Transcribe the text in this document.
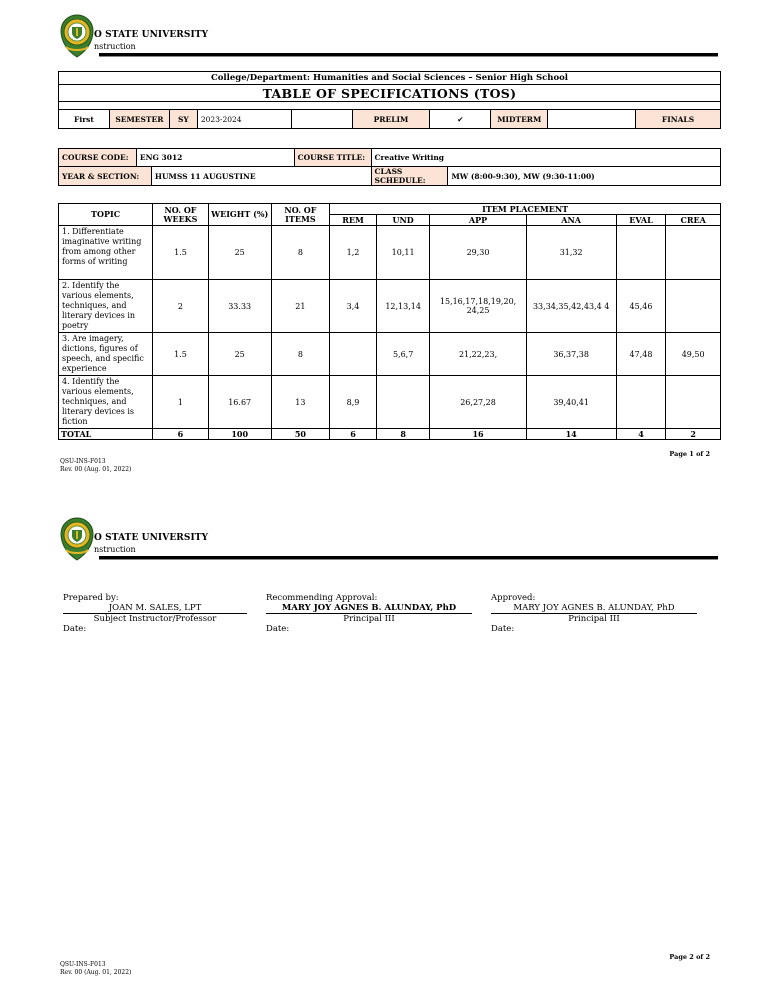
O STATE UNIVERSITY
nstruction
College/Department: Humanities and Social Sciences – Senior High School
TABLE OF SPECIFICATIONS (TOS)

First	SEMESTER	SY	2023-2024		PRELIM	✔	MIDTERM		FINALS
COURSE CODE:	ENG 3012		COURSE TITLE:	Creative Writing	
YEAR & SECTION:		HUMSS 11 AUGUSTINE		CLASS SCHEDULE:	MW (8:00-9:30), MW (9:30-11:00)
TOPIC	NO. OF WEEKS	WEIGHT (%)	NO. OF ITEMS	ITEM PLACEMENT					
				REM	UND	APP	ANA	EVAL	CREA
1. Differentiate imaginative writing from among other forms of writing	1.5	25	8	1,2	10,11	29,30	31,32		
2. Identify the various elements, techniques, and literary devices in poetry	2	33.33	21	3,4	12,13,14	15,16,17,18,19,20, 24,25	33,34,35,42,43,4 4	45,46	
3. Are imagery, dictions, figures of speech, and specific experience	1.5	25	8		5,6,7	21,22,23,	36,37,38	47,48	49,50
4. Identify the various elements, techniques, and literary devices is fiction	1	16.67	13	8,9		26,27,28	39,40,41		
TOTAL	6	100	50	6	8	16	14	4	2
Page 1 of 2
QSU-INS-F013
Rev. 00 (Aug. 01, 2022)
O STATE UNIVERSITY
nstruction
Prepared by:
JOAN M. SALES, LPT
Subject Instructor/Professor
Date:
Recommending Approval:
MARY JOY AGNES B. ALUNDAY, PhD
Principal III
Date:
Approved:
MARY JOY AGNES B. ALUNDAY, PhD
Principal III
Date:
Page 2 of 2
QSU-INS-F013
Rev. 00 (Aug. 01, 2022)
